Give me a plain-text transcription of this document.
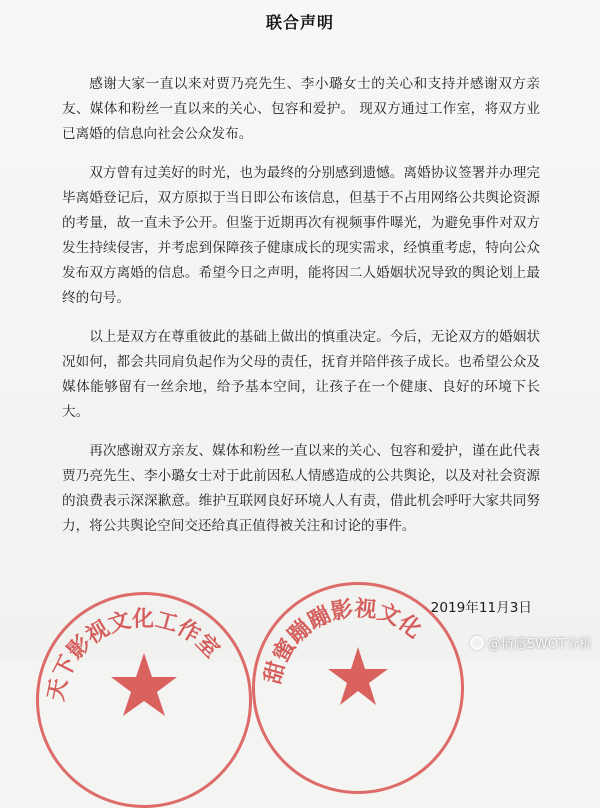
联合声明

感谢大家一直以来对贾乃亮先生、李小璐女士的关心和支持并感谢双方亲友、媒体和粉丝一直以来的关心、包容和爱护。 现双方通过工作室，将双方业已离婚的信息向社会公众发布。

双方曾有过美好的时光，也为最终的分别感到遗憾。离婚协议签署并办理完毕离婚登记后，双方原拟于当日即公布该信息，但基于不占用网络公共舆论资源的考量，故一直未予公开。但鉴于近期再次有视频事件曝光，为避免事件对双方发生持续侵害，并考虑到保障孩子健康成长的现实需求，经慎重考虑，特向公众发布双方离婚的信息。希望今日之声明，能将因二人婚姻状况导致的舆论划上最终的句号。

以上是双方在尊重彼此的基础上做出的慎重决定。今后，无论双方的婚姻状况如何，都会共同肩负起作为父母的责任，抚育并陪伴孩子成长。也希望公众及媒体能够留有一丝余地，给予基本空间，让孩子在一个健康、良好的环境下长大。

再次感谢双方亲友、媒体和粉丝一直以来的关心、包容和爱护，谨在此代表贾乃亮先生、李小璐女士对于此前因私人情感造成的公共舆论，以及对社会资源的浪费表示深深歉意。维护互联网良好环境人人有责，借此机会呼吁大家共同努力，将公共舆论空间交还给真正值得被关注和讨论的事件。

2019年11月3日
天下影视文化工作室
甜蜜蹦蹦影视文化
@情感SWOT分析
